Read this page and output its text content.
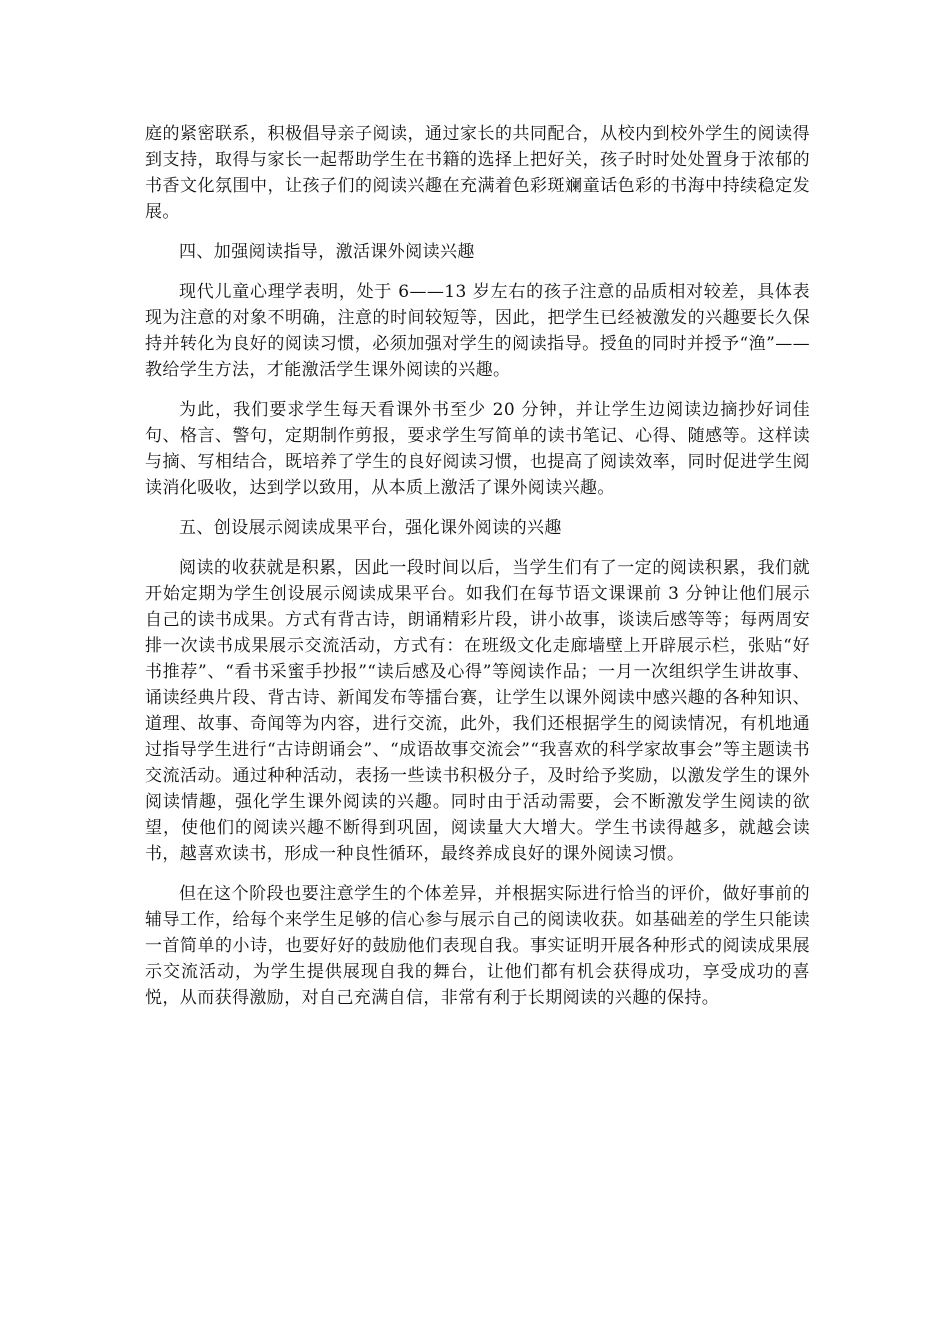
庭的紧密联系，积极倡导亲子阅读，通过家长的共同配合，从校内到校外学生的阅读得到支持，取得与家长一起帮助学生在书籍的选择上把好关，孩子时时处处置身于浓郁的书香文化氛围中，让孩子们的阅读兴趣在充满着色彩斑斓童话色彩的书海中持续稳定发展。

四、加强阅读指导，激活课外阅读兴趣

现代儿童心理学表明，处于 6——13 岁左右的孩子注意的品质相对较差，具体表现为注意的对象不明确，注意的时间较短等，因此，把学生已经被激发的兴趣要长久保持并转化为良好的阅读习惯，必须加强对学生的阅读指导。授鱼的同时并授予“渔”——教给学生方法，才能激活学生课外阅读的兴趣。

为此，我们要求学生每天看课外书至少 20 分钟，并让学生边阅读边摘抄好词佳句、格言、警句，定期制作剪报，要求学生写简单的读书笔记、心得、随感等。这样读与摘、写相结合，既培养了学生的良好阅读习惯，也提高了阅读效率，同时促进学生阅读消化吸收，达到学以致用，从本质上激活了课外阅读兴趣。

五、创设展示阅读成果平台，强化课外阅读的兴趣

阅读的收获就是积累，因此一段时间以后，当学生们有了一定的阅读积累，我们就开始定期为学生创设展示阅读成果平台。如我们在每节语文课课前 3 分钟让他们展示自己的读书成果。方式有背古诗，朗诵精彩片段，讲小故事，谈读后感等等；每两周安排一次读书成果展示交流活动，方式有：在班级文化走廊墙壁上开辟展示栏，张贴“好书推荐”、“看书采蜜手抄报”“读后感及心得”等阅读作品；一月一次组织学生讲故事、诵读经典片段、背古诗、新闻发布等擂台赛，让学生以课外阅读中感兴趣的各种知识、道理、故事、奇闻等为内容，进行交流，此外，我们还根据学生的阅读情况，有机地通过指导学生进行“古诗朗诵会”、“成语故事交流会”“我喜欢的科学家故事会”等主题读书交流活动。通过种种活动，表扬一些读书积极分子，及时给予奖励，以激发学生的课外阅读情趣，强化学生课外阅读的兴趣。同时由于活动需要，会不断激发学生阅读的欲望，使他们的阅读兴趣不断得到巩固，阅读量大大增大。学生书读得越多，就越会读书，越喜欢读书，形成一种良性循环，最终养成良好的课外阅读习惯。

但在这个阶段也要注意学生的个体差异，并根据实际进行恰当的评价，做好事前的辅导工作，给每个来学生足够的信心参与展示自己的阅读收获。如基础差的学生只能读一首简单的小诗，也要好好的鼓励他们表现自我。事实证明开展各种形式的阅读成果展示交流活动，为学生提供展现自我的舞台，让他们都有机会获得成功，享受成功的喜悦，从而获得激励，对自己充满自信，非常有利于长期阅读的兴趣的保持。
